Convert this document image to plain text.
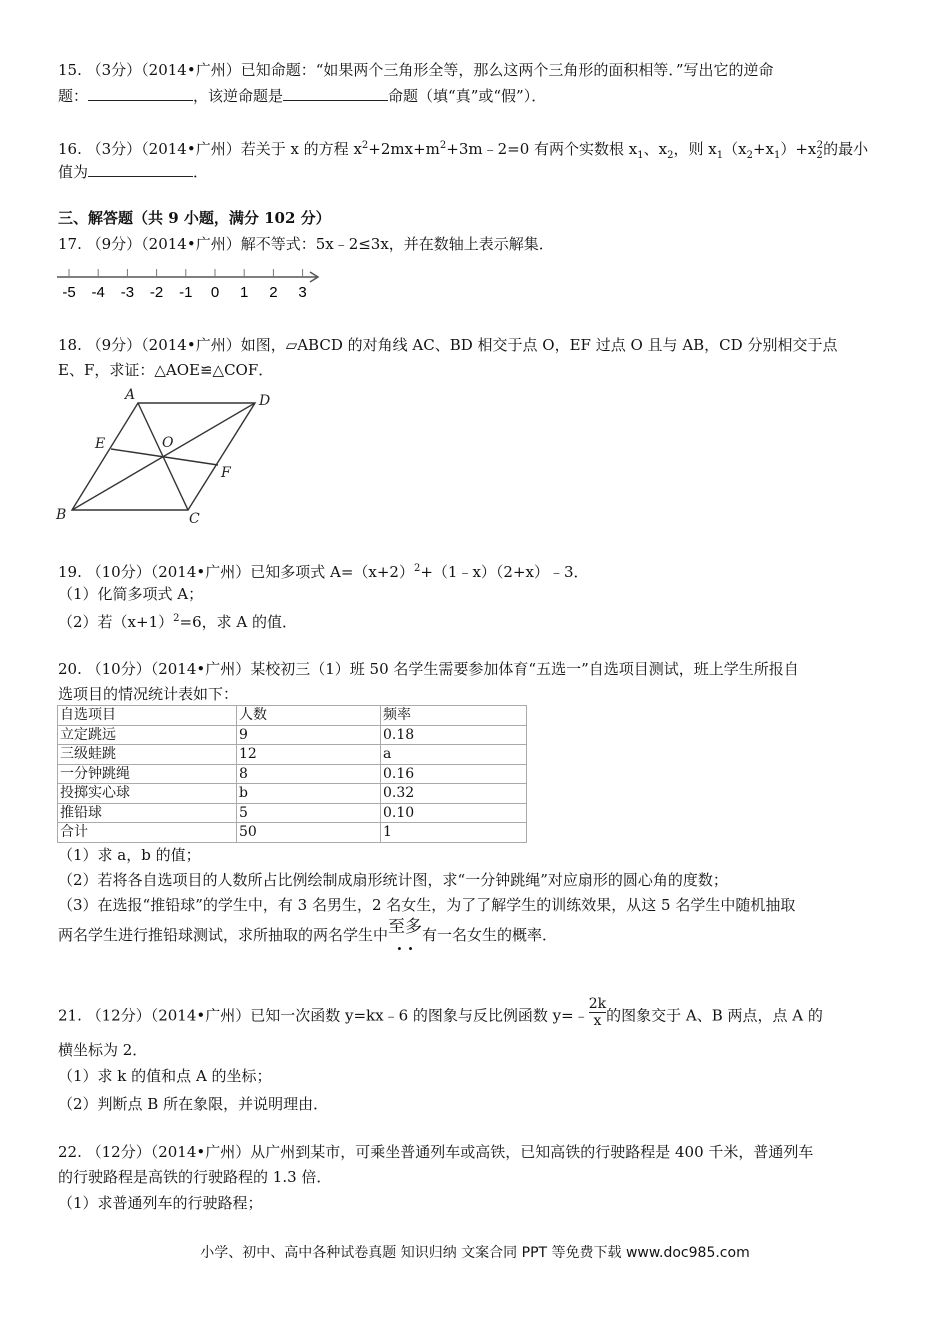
15. （3分）（2014•广州）已知命题：“如果两个三角形全等，那么这两个三角形的面积相等．”写出它的逆命
题：	，该逆命题是	命题（填“真”或“假”）．
16. （3分）（2014•广州）若关于 x 的方程 $x^2+2mx+m^2+3m﹣2=0$ 有两个实数根 $x_1$、$x_2$，则 $x_1(x_2+x_1)+x_2^2$的最小
值为	．
三、解答题（共 9 小题，满分 102 分）
17. （9分）（2014•广州）解不等式：5x﹣2≤3x，并在数轴上表示解集．
-5 -4 -3 -2 -1 0 1 2 3
18. （9分）（2014•广州）如图，▱ABCD 的对角线 AC、BD 相交于点 O，EF 过点 O 且与 AB，CD 分别相交于点
E、F，求证：△AOE≌△COF．
A	D
E	O
F
B	C
19. （10分）（2014•广州）已知多项式 $A=(x+2)^2+(1﹣x)(2+x)﹣3$．
（1）化简多项式 A；
（2）若$(x+1)^2=6$，求 A 的值．
20. （10分）（2014•广州）某校初三（1）班 50 名学生需要参加体育“五选一”自选项目测试，班上学生所报自
选项目的情况统计表如下：
自选项目	人数	频率
立定跳远	9	0.18
三级蛙跳	12	a
一分钟跳绳	8	0.16
投掷实心球	b	0.32
推铅球	5	0.10
合计	50	1
（1）求 a，b 的值；
（2）若将各自选项目的人数所占比例绘制成扇形统计图，求“一分钟跳绳”对应扇形的圆心角的度数；
（3）在选报“推铅球”的学生中，有 3 名男生，2 名女生，为了了解学生的训练效果，从这 5 名学生中随机抽取
两名学生进行推铅球测试，求所抽取的两名学生中至多 · ·有一名女生的概率．
21. （12分）（2014•广州）已知一次函数 y=kx﹣6 的图象与反比例函数 y=﹣ $\frac{2k}{x}$ 的图象交于 A、B 两点，点 A 的
横坐标为 2．
（1）求 k 的值和点 A 的坐标；
（2）判断点 B 所在象限，并说明理由．
22. （12分）（2014•广州）从广州到某市，可乘坐普通列车或高铁，已知高铁的行驶路程是 400 千米，普通列车
的行驶路程是高铁的行驶路程的 1.3 倍．
（1）求普通列车的行驶路程；
小学、初中、高中各种试卷真题 知识归纳 文案合同 PPT 等免费下载 www.doc985.com
